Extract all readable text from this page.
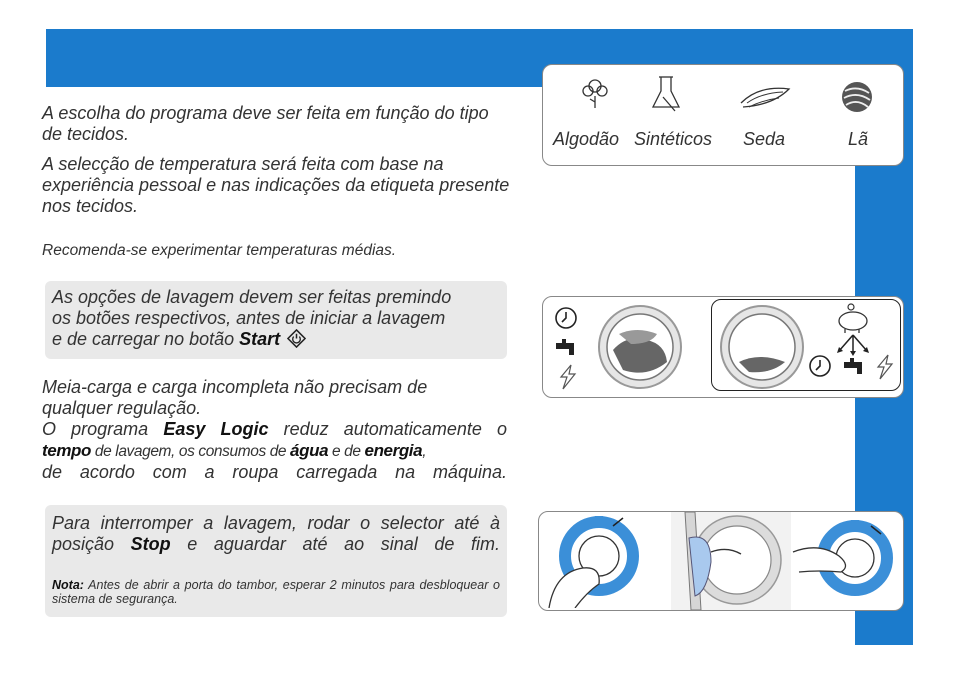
A escolha do programa deve ser feita em função do tipo de tecidos.
A selecção de temperatura será feita com base na experiência pessoal e nas indicações da etiqueta presente nos tecidos.
Recomenda-se experimentar temperaturas médias.
As opções de lavagem devem ser feitas premindo
os botões respectivos, antes de iniciar a lavagem
e de carregar no botão Start
Meia-carga e carga incompleta não precisam de
qualquer regulação.
O programa Easy Logic reduz automaticamente o
tempo de lavagem, os consumos de água e de energia,
de acordo com a roupa carregada na máquina.
Para interromper a lavagem, rodar o selector até à
posição Stop e aguardar até ao sinal de fim.
Nota: Antes de abrir a porta do tambor, esperar 2 minutos para desbloquear o sistema de segurança.
Algodão Sintéticos Seda	Lã
